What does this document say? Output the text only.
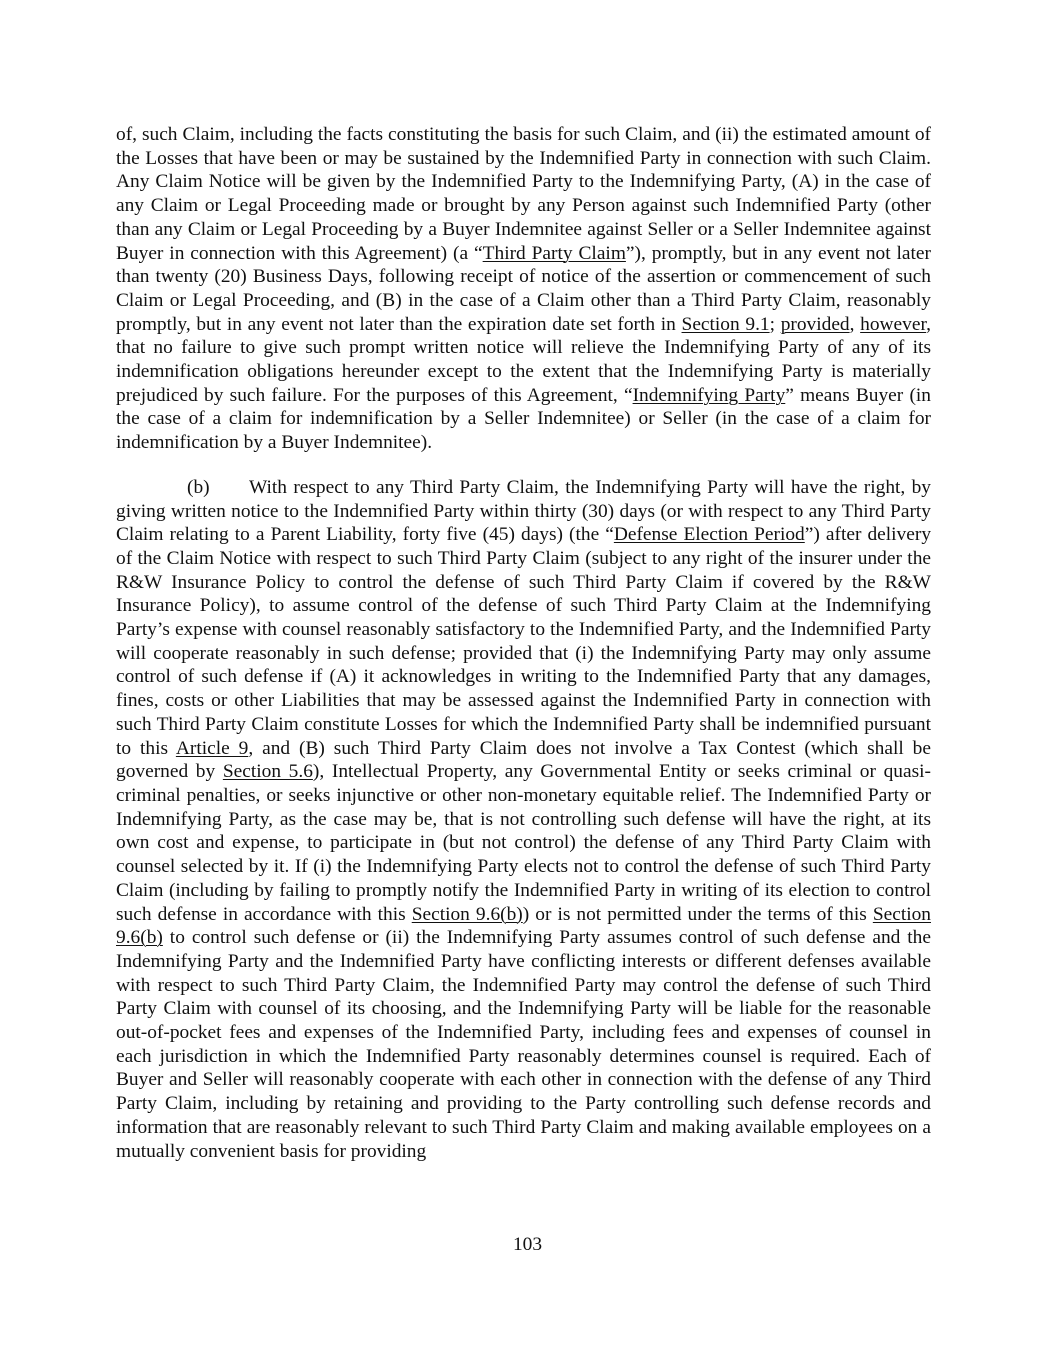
of, such Claim, including the facts constituting the basis for such Claim, and (ii) the estimated amount of the Losses that have been or may be sustained by the Indemnified Party in connection with such Claim. Any Claim Notice will be given by the Indemnified Party to the Indemnifying Party, (A) in the case of any Claim or Legal Proceeding made or brought by any Person against such Indemnified Party (other than any Claim or Legal Proceeding by a Buyer Indemnitee against Seller or a Seller Indemnitee against Buyer in connection with this Agreement) (a “Third Party Claim”), promptly, but in any event not later than twenty (20) Business Days, following receipt of notice of the assertion or commencement of such Claim or Legal Proceeding, and (B) in the case of a Claim other than a Third Party Claim, reasonably promptly, but in any event not later than the expiration date set forth in Section 9.1; provided, however, that no failure to give such prompt written notice will relieve the Indemnifying Party of any of its indemnification obligations hereunder except to the extent that the Indemnifying Party is materially prejudiced by such failure. For the purposes of this Agreement, “Indemnifying Party” means Buyer (in the case of a claim for indemnification by a Seller Indemnitee) or Seller (in the case of a claim for indemnification by a Buyer Indemnitee).

(b) With respect to any Third Party Claim, the Indemnifying Party will have the right, by giving written notice to the Indemnified Party within thirty (30) days (or with respect to any Third Party Claim relating to a Parent Liability, forty five (45) days) (the “Defense Election Period”) after delivery of the Claim Notice with respect to such Third Party Claim (subject to any right of the insurer under the R&W Insurance Policy to control the defense of such Third Party Claim if covered by the R&W Insurance Policy), to assume control of the defense of such Third Party Claim at the Indemnifying Party’s expense with counsel reasonably satisfactory to the Indemnified Party, and the Indemnified Party will cooperate reasonably in such defense; provided that (i) the Indemnifying Party may only assume control of such defense if (A) it acknowledges in writing to the Indemnified Party that any damages, fines, costs or other Liabilities that may be assessed against the Indemnified Party in connection with such Third Party Claim constitute Losses for which the Indemnified Party shall be indemnified pursuant to this Article 9, and (B) such Third Party Claim does not involve a Tax Contest (which shall be governed by Section 5.6), Intellectual Property, any Governmental Entity or seeks criminal or quasi-criminal penalties, or seeks injunctive or other non-monetary equitable relief. The Indemnified Party or Indemnifying Party, as the case may be, that is not controlling such defense will have the right, at its own cost and expense, to participate in (but not control) the defense of any Third Party Claim with counsel selected by it. If (i) the Indemnifying Party elects not to control the defense of such Third Party Claim (including by failing to promptly notify the Indemnified Party in writing of its election to control such defense in accordance with this Section 9.6(b)) or is not permitted under the terms of this Section 9.6(b) to control such defense or (ii) the Indemnifying Party assumes control of such defense and the Indemnifying Party and the Indemnified Party have conflicting interests or different defenses available with respect to such Third Party Claim, the Indemnified Party may control the defense of such Third Party Claim with counsel of its choosing, and the Indemnifying Party will be liable for the reasonable out-of-pocket fees and expenses of the Indemnified Party, including fees and expenses of counsel in each jurisdiction in which the Indemnified Party reasonably determines counsel is required. Each of Buyer and Seller will reasonably cooperate with each other in connection with the defense of any Third Party Claim, including by retaining and providing to the Party controlling such defense records and information that are reasonably relevant to such Third Party Claim and making available employees on a mutually convenient basis for providing

103
